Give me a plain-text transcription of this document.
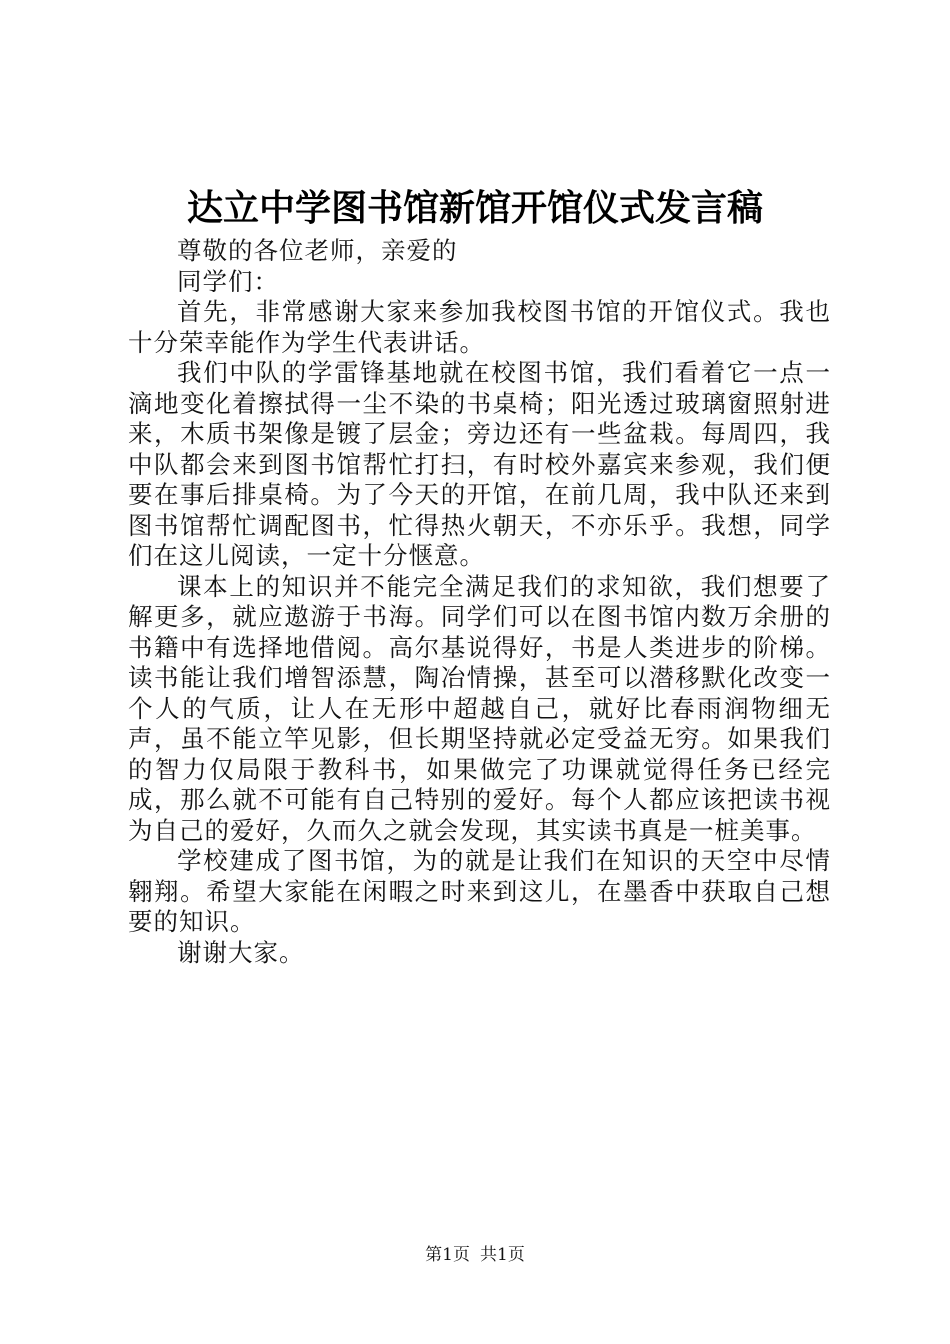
达立中学图书馆新馆开馆仪式发言稿

尊敬的各位老师，亲爱的

同学们：

首先，非常感谢大家来参加我校图书馆的开馆仪式。我也十分荣幸能作为学生代表讲话。

我们中队的学雷锋基地就在校图书馆，我们看着它一点一滴地变化着擦拭得一尘不染的书桌椅；阳光透过玻璃窗照射进来，木质书架像是镀了层金；旁边还有一些盆栽。每周四，我中队都会来到图书馆帮忙打扫，有时校外嘉宾来参观，我们便要在事后排桌椅。为了今天的开馆，在前几周，我中队还来到图书馆帮忙调配图书，忙得热火朝天，不亦乐乎。我想，同学们在这儿阅读，一定十分惬意。

课本上的知识并不能完全满足我们的求知欲，我们想要了解更多，就应遨游于书海。同学们可以在图书馆内数万余册的书籍中有选择地借阅。高尔基说得好，书是人类进步的阶梯。读书能让我们增智添慧，陶冶情操，甚至可以潜移默化改变一个人的气质，让人在无形中超越自己，就好比春雨润物细无声，虽不能立竿见影，但长期坚持就必定受益无穷。如果我们的智力仅局限于教科书，如果做完了功课就觉得任务已经完成，那么就不可能有自己特别的爱好。每个人都应该把读书视为自己的爱好，久而久之就会发现，其实读书真是一桩美事。

学校建成了图书馆，为的就是让我们在知识的天空中尽情翱翔。希望大家能在闲暇之时来到这儿，在墨香中获取自己想要的知识。

谢谢大家。

第1页 共1页
